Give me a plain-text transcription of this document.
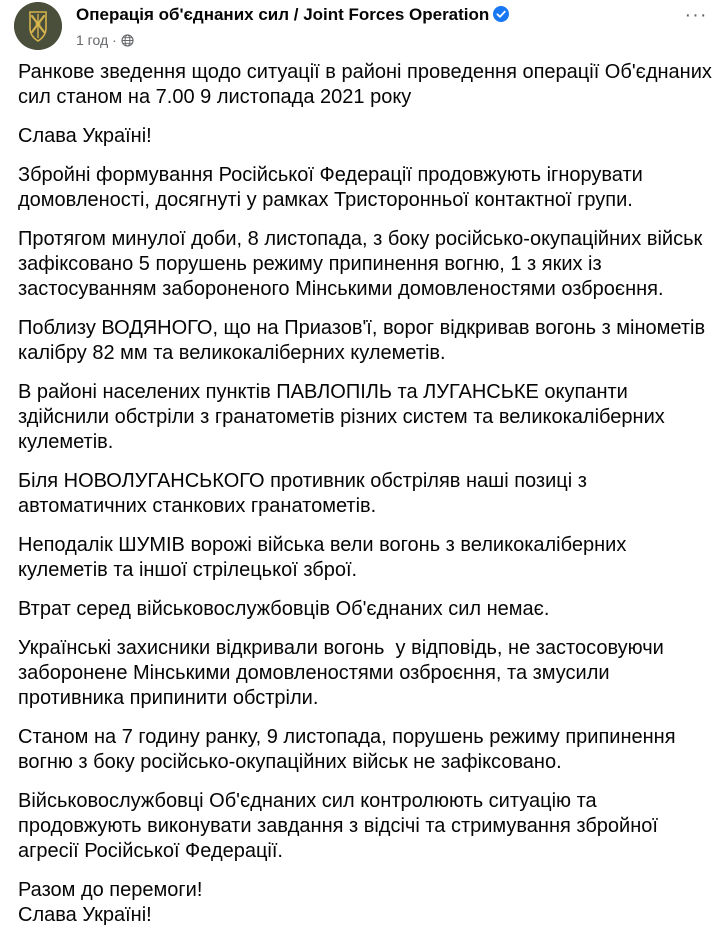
Операція об'єднаних сил / Joint Forces Operation
1 год ·
···

Ранкове зведення щодо ситуації в районі проведення операції Об'єднаних сил станом на 7.00 9 листопада 2021 року

Слава Україні!

Збройні формування Російської Федерації продовжують ігнорувати домовленості, досягнуті у рамках Тристоронньої контактної групи.

Протягом минулої доби, 8 листопада, з боку російсько-окупаційних військ зафіксовано 5 порушень режиму припинення вогню, 1 з яких із застосуванням забороненого Мінськими домовленостями озброєння.

Поблизу ВОДЯНОГО, що на Приазов'ї, ворог відкривав вогонь з мінометів калібру 82 мм та великокаліберних кулеметів.

В районі населених пунктів ПАВЛОПІЛЬ та ЛУГАНСЬКЕ окупанти здійснили обстріли з гранатометів різних систем та великокаліберних кулеметів.

Біля НОВОЛУГАНСЬКОГО противник обстріляв наші позиці з автоматичних станкових гранатометів.

Неподалік ШУМІВ ворожі війська вели вогонь з великокаліберних кулеметів та іншої стрілецької зброї.

Втрат серед військовослужбовців Об'єднаних сил немає.

Українські захисники відкривали вогонь  у відповідь, не застосовуючи заборонене Мінськими домовленостями озброєння, та змусили противника припинити обстріли.

Станом на 7 годину ранку, 9 листопада, порушень режиму припинення вогню з боку російсько-окупаційних військ не зафіксовано.

Військовослужбовці Об'єднаних сил контролюють ситуацію та продовжують виконувати завдання з відсічі та стримування збройної агресії Російської Федерації.

Разом до перемоги!
Слава Україні!
